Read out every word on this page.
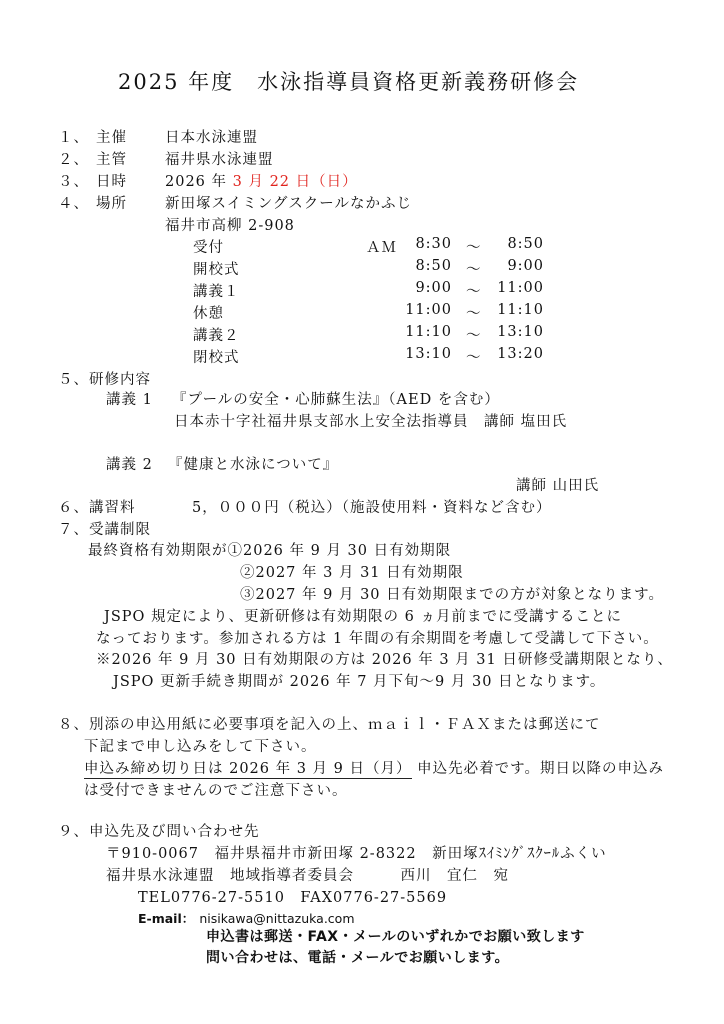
2025 年度　水泳指導員資格更新義務研修会
１、 主催	日本水泳連盟
２、 主管	福井県水泳連盟
３、 日時	2026 年 3 月 22 日（日）
４、 場所	新田塚スイミングスクールなかふじ
福井市高柳 2-908
受付	ＡＭ	8:30 〜	8:50
開校式	8:50 〜	9:00
講義１	9:00 〜	11:00
休憩	11:00 〜	11:10
講義２	11:10 〜	13:10
閉校式	13:10 〜	13:20
５、研修内容
講義 1 『プールの安全・心肺蘇生法』（AED を含む）
日本赤十字社福井県支部水上安全法指導員　講師 塩田氏
講義 2 『健康と水泳について』
講師 山田氏
６、講習料	5，０００円（税込）（施設使用料・資料など含む）
７、受講制限
最終資格有効期限が①2026 年 9 月 30 日有効期限
②2027 年 3 月 31 日有効期限
③2027 年 9 月 30 日有効期限までの方が対象となります。
JSPO 規定により、更新研修は有効期限の 6 ヵ月前までに受講することに
なっております。参加される方は 1 年間の有余期間を考慮して受講して下さい。
※2026 年 9 月 30 日有効期限の方は 2026 年 3 月 31 日研修受講期限となり、
JSPO 更新手続き期間が 2026 年 7 月下旬〜9 月 30 日となります。
８、別添の申込用紙に必要事項を記入の上、ｍａｉｌ・ＦＡＸまたは郵送にて
下記まで申し込みをして下さい。
申込み締め切り日は 2026 年 3 月 9 日（月） 申込先必着です。期日以降の申込み
は受付できませんのでご注意下さい。
９、申込先及び問い合わせ先
〒910-0067　福井県福井市新田塚 2-8322　新田塚ｽｲﾐﾝｸﾞｽｸｰﾙふくい
福井県水泳連盟　地域指導者委員会　　　西川　宜仁　宛
TEL0776-27-5510　FAX0776-27-5569
E-mail： nisikawa@nittazuka.com
申込書は郵送・FAX・メールのいずれかでお願い致します
問い合わせは、電話・メールでお願いします。
